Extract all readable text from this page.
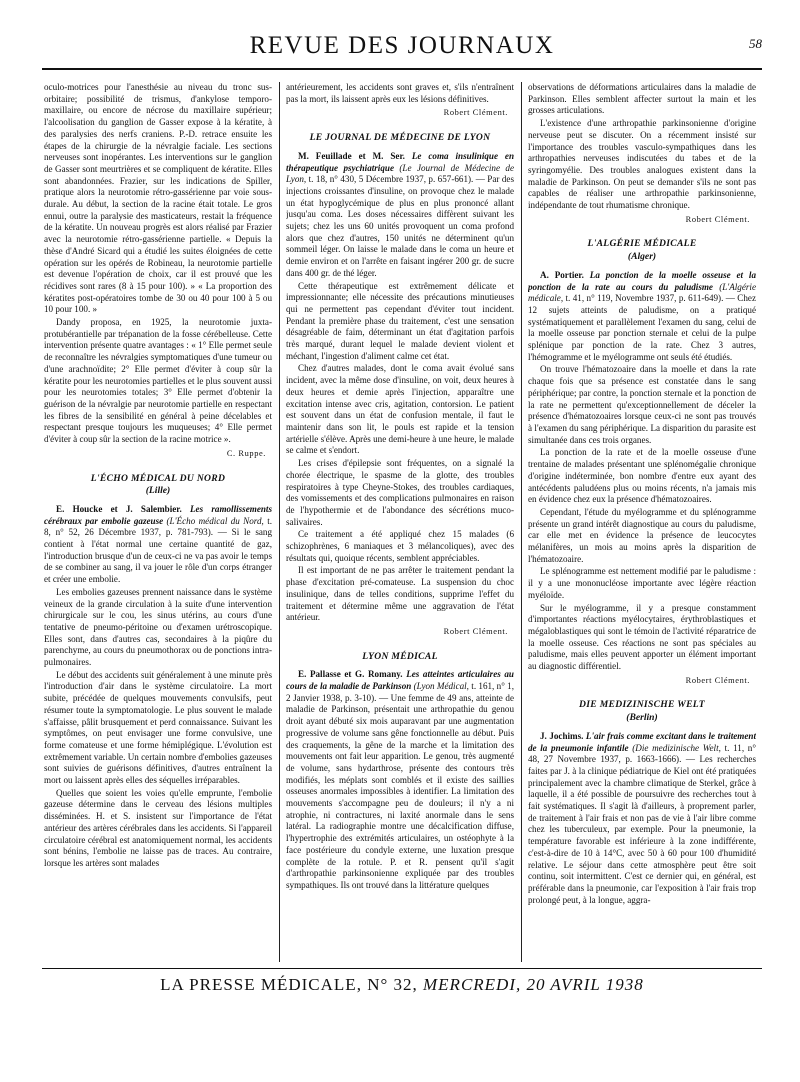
REVUE DES JOURNAUX	58

oculo-motrices pour l'anesthésie au niveau du tronc sus-orbitaire; possibilité de trismus, d'ankylose temporo-maxillaire, ou encore de nécrose du maxillaire supérieur; l'alcoolisation du ganglion de Gasser expose à la kératite, à des paralysies des nerfs craniens. P.-D. retrace ensuite les étapes de la chirurgie de la névralgie faciale. Les sections nerveuses sont inopérantes. Les interventions sur le ganglion de Gasser sont meurtrières et se compliquent de kératite. Elles sont abandonnées. Frazier, sur les indications de Spiller, pratique alors la neurotomie rétro-gassérienne par voie sous-durale. Au début, la section de la racine était totale. Le gros ennui, outre la paralysie des masticateurs, restait la fréquence de la kératite. Un nouveau progrès est alors réalisé par Frazier avec la neurotomie rétro-gassérienne partielle. « Depuis la thèse d'André Sicard qui a étudié les suites éloignées de cette opération sur les opérés de Robineau, la neurotomie partielle est devenue l'opération de choix, car il est prouvé que les récidives sont rares (8 à 15 pour 100). » « La proportion des kératites post-opératoires tombe de 30 ou 40 pour 100 à 5 ou 10 pour 100. »

Dandy proposa, en 1925, la neurotomie juxta-protubérantielle par trépanation de la fosse cérébelleuse. Cette intervention présente quatre avantages : « 1° Elle permet seule de reconnaître les névralgies symptomatiques d'une tumeur ou d'une arachnoïdite; 2° Elle permet d'éviter à coup sûr la kératite pour les neurotomies partielles et le plus souvent aussi pour les neurotomies totales; 3° Elle permet d'obtenir la guérison de la névralgie par neurotomie partielle en respectant les fibres de la sensibilité en général à peine décelables et respectant presque toujours les muqueuses; 4° Elle permet d'éviter à coup sûr la section de la racine motrice ».

C. Ruppe.
L'ÉCHO MÉDICAL DU NORD
(Lille)

E. Houcke et J. Salembier. Les ramollissements cérébraux par embolie gazeuse (L'Écho médical du Nord, t. 8, n° 52, 26 Décembre 1937, p. 781-793). — Si le sang contient à l'état normal une certaine quantité de gaz, l'introduction brusque d'un de ceux-ci ne va pas avoir le temps de se combiner au sang, il va jouer le rôle d'un corps étranger et créer une embolie.

Les embolies gazeuses prennent naissance dans le système veineux de la grande circulation à la suite d'une intervention chirurgicale sur le cou, les sinus utérins, au cours d'une tentative de pneumo-péritoine ou d'examen urétroscopique. Elles sont, dans d'autres cas, secondaires à la piqûre du parenchyme, au cours du pneumothorax ou de ponctions intra-pulmonaires.

Le début des accidents suit généralement à une minute près l'introduction d'air dans le système circulatoire. La mort subite, précédée de quelques mouvements convulsifs, peut résumer toute la symptomatologie. Le plus souvent le malade s'affaisse, pâlit brusquement et perd connaissance. Suivant les symptômes, on peut envisager une forme convulsive, une forme comateuse et une forme hémiplégique. L'évolution est extrêmement variable. Un certain nombre d'embolies gazeuses sont suivies de guérisons définitives, d'autres entraînent la mort ou laissent après elles des séquelles irréparables.

Quelles que soient les voies qu'elle emprunte, l'embolie gazeuse détermine dans le cerveau des lésions multiples disséminées. H. et S. insistent sur l'importance de l'état antérieur des artères cérébrales dans les accidents. Si l'appareil circulatoire cérébral est anatomiquement normal, les accidents sont bénins, l'embolie ne laisse pas de traces. Au contraire, lorsque les artères sont malades

antérieurement, les accidents sont graves et, s'ils n'entraînent pas la mort, ils laissent après eux les lésions définitives.

Robert Clément.
LE JOURNAL DE MÉDECINE DE LYON

M. Feuillade et M. Ser. Le coma insulinique en thérapeutique psychiatrique (Le Journal de Médecine de Lyon, t. 18, n° 430, 5 Décembre 1937, p. 657-661). — Par des injections croissantes d'insuline, on provoque chez le malade un état hypoglycémique de plus en plus prononcé allant jusqu'au coma. Les doses nécessaires diffèrent suivant les sujets; chez les uns 60 unités provoquent un coma profond alors que chez d'autres, 150 unités ne déterminent qu'un sommeil léger. On laisse le malade dans le coma un heure et demie environ et on l'arrête en faisant ingérer 200 gr. de sucre dans 400 gr. de thé léger.

Cette thérapeutique est extrêmement délicate et impressionnante; elle nécessite des précautions minutieuses qui ne permettent pas cependant d'éviter tout incident. Pendant la première phase du traitement, c'est une sensation désagréable de faim, déterminant un état d'agitation parfois très marqué, durant lequel le malade devient violent et méchant, l'ingestion d'aliment calme cet état.

Chez d'autres malades, dont le coma avait évolué sans incident, avec la même dose d'insuline, on voit, deux heures à deux heures et demie après l'injection, apparaître une excitation intense avec cris, agitation, contorsion. Le patient est souvent dans un état de confusion mentale, il faut le maintenir dans son lit, le pouls est rapide et la tension artérielle s'élève. Après une demi-heure à une heure, le malade se calme et s'endort.

Les crises d'épilepsie sont fréquentes, on a signalé la chorée électrique, le spasme de la glotte, des troubles respiratoires à type Cheyne-Stokes, des troubles cardiaques, des vomissements et des complications pulmonaires en raison de l'hypothermie et de l'abondance des sécrétions muco-salivaires.

Ce traitement a été appliqué chez 15 malades (6 schizophrènes, 6 maniaques et 3 mélancoliques), avec des résultats qui, quoique récents, semblent appréciables.

Il est important de ne pas arrêter le traitement pendant la phase d'excitation pré-comateuse. La suspension du choc insulinique, dans de telles conditions, supprime l'effet du traitement et détermine même une aggravation de l'état antérieur.

Robert Clément.
LYON MÉDICAL

E. Pallasse et G. Romany. Les atteintes articulaires au cours de la maladie de Parkinson (Lyon Médical, t. 161, n° 1, 2 Janvier 1938, p. 3-10). — Une femme de 49 ans, atteinte de maladie de Parkinson, présentait une arthropathie du genou droit ayant débuté six mois auparavant par une augmentation progressive de volume sans gêne fonctionnelle au début. Puis des craquements, la gêne de la marche et la limitation des mouvements ont fait leur apparition. Le genou, très augmenté de volume, sans hydarthrose, présente des contours très modifiés, les méplats sont comblés et il existe des saillies osseuses anormales impossibles à identifier. La limitation des mouvements s'accompagne peu de douleurs; il n'y a ni atrophie, ni contractures, ni laxité anormale dans le sens latéral. La radiographie montre une décalcification diffuse, l'hypertrophie des extrémités articulaires, un ostéophyte à la face postérieure du condyle externe, une luxation presque complète de la rotule. P. et R. pensent qu'il s'agit d'arthropathie parkinsonienne expliquée par des troubles sympathiques. Ils ont trouvé dans la littérature quelques

observations de déformations articulaires dans la maladie de Parkinson. Elles semblent affecter surtout la main et les grosses articulations.

L'existence d'une arthropathie parkinsonienne d'origine nerveuse peut se discuter. On a récemment insisté sur l'importance des troubles vasculo-sympathiques dans les arthropathies nerveuses indiscutées du tabes et de la syringomyélie. Des troubles analogues existent dans la maladie de Parkinson. On peut se demander s'ils ne sont pas capables de réaliser une arthropathie parkinsonienne, indépendante de tout rhumatisme chronique.

Robert Clément.
L'ALGÉRIE MÉDICALE
(Alger)

A. Portier. La ponction de la moelle osseuse et la ponction de la rate au cours du paludisme (L'Algérie médicale, t. 41, n° 119, Novembre 1937, p. 611-649). — Chez 12 sujets atteints de paludisme, on a pratiqué systématiquement et parallèlement l'examen du sang, celui de la moelle osseuse par ponction sternale et celui de la pulpe splénique par ponction de la rate. Chez 3 autres, l'hémogramme et le myélogramme ont seuls été étudiés.

On trouve l'hématozoaire dans la moelle et dans la rate chaque fois que sa présence est constatée dans le sang périphérique; par contre, la ponction sternale et la ponction de la rate ne permettent qu'exceptionnellement de déceler la présence d'hématozoaires lorsque ceux-ci ne sont pas trouvés à l'examen du sang périphérique. La disparition du parasite est simultanée dans ces trois organes.

La ponction de la rate et de la moelle osseuse d'une trentaine de malades présentant une splénomégalie chronique d'origine indéterminée, bon nombre d'entre eux ayant des antécédents paludéens plus ou moins récents, n'a jamais mis en évidence chez eux la présence d'hématozoaires.

Cependant, l'étude du myélogramme et du splénogramme présente un grand intérêt diagnostique au cours du paludisme, car elle met en évidence la présence de leucocytes mélanifères, un mois au moins après la disparition de l'hématozoaire.

Le splénogramme est nettement modifié par le paludisme : il y a une mononucléose importante avec légère réaction myéloïde.

Sur le myélogramme, il y a presque constamment d'importantes réactions myélocytaires, érythroblastiques et mégaloblastiques qui sont le témoin de l'activité réparatrice de la moelle osseuse. Ces réactions ne sont pas spéciales au paludisme, mais elles peuvent apporter un élément important au diagnostic différentiel.

Robert Clément.
DIE MEDIZINISCHE WELT
(Berlin)

J. Jochims. L'air frais comme excitant dans le traitement de la pneumonie infantile (Die medizinische Welt, t. 11, n° 48, 27 Novembre 1937, p. 1663-1666). — Les recherches faites par J. à la clinique pédiatrique de Kiel ont été pratiquées principalement avec la chambre climatique de Sterkel, grâce à laquelle, il a été possible de poursuivre des recherches tout à fait systématiques. Il s'agit là d'ailleurs, à proprement parler, de traitement à l'air frais et non pas de vie à l'air libre comme chez les tuberculeux, par exemple. Pour la pneumonie, la température favorable est inférieure à la zone indifférente, c'est-à-dire de 10 à 14°C, avec 50 à 60 pour 100 d'humidité relative. Le séjour dans cette atmosphère peut être soit continu, soit intermittent. C'est ce dernier qui, en général, est préférable dans la pneumonie, car l'exposition à l'air frais trop prolongé peut, à la longue, aggra-

LA PRESSE MÉDICALE, N° 32, MERCREDI, 20 AVRIL 1938
